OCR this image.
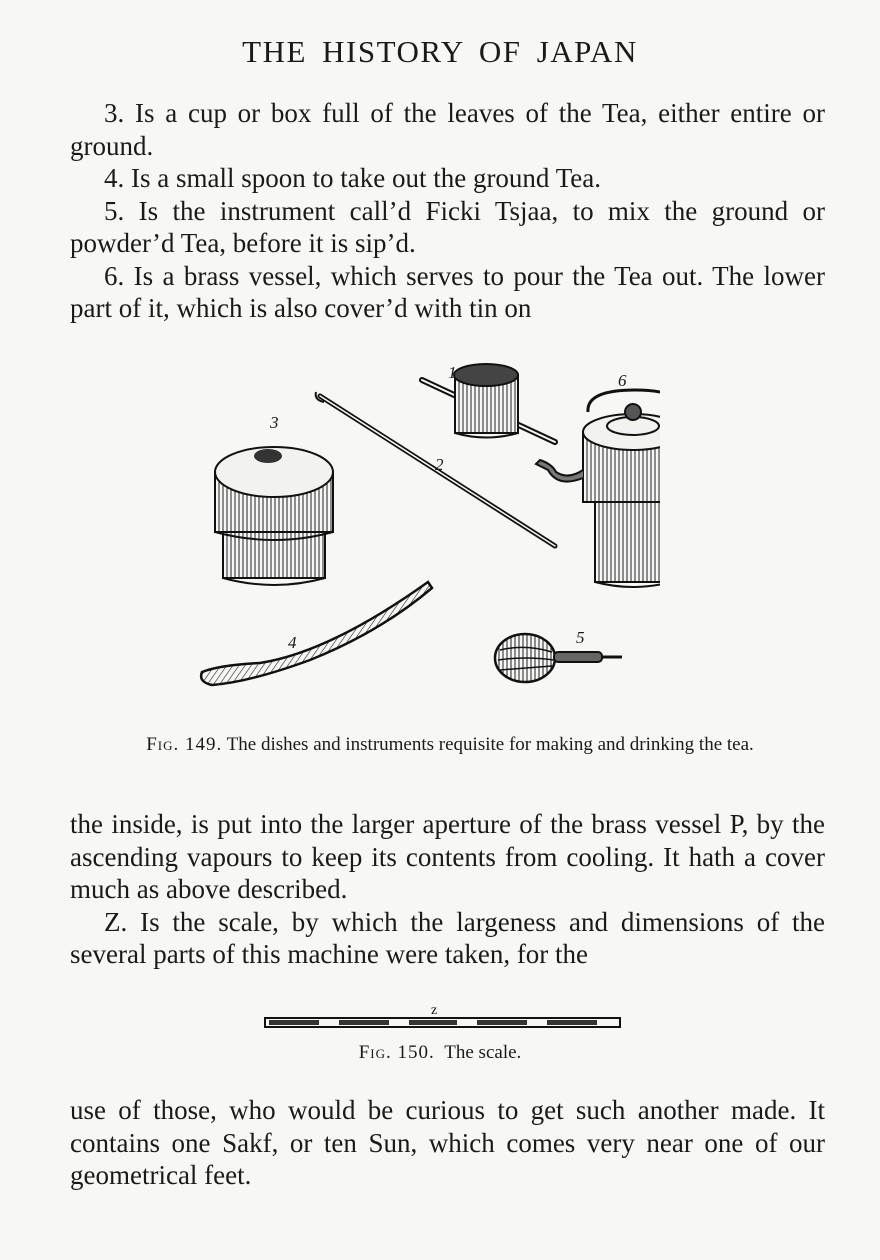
THE HISTORY OF JAPAN

3. Is a cup or box full of the leaves of the Tea, either entire or ground.

4. Is a small spoon to take out the ground Tea.

5. Is the instrument call’d Ficki Tsjaa, to mix the ground or powder’d Tea, before it is sip’d.

6. Is a brass vessel, which serves to pour the Tea out. The lower part of it, which is also cover’d with tin on

3
2
1	6
4	5
Fig. 149. The dishes and instruments requisite for making and drinking the tea.

the inside, is put into the larger aperture of the brass vessel P, by the ascending vapours to keep its contents from cooling. It hath a cover much as above described.

Z. Is the scale, by which the largeness and dimensions of the several parts of this machine were taken, for the

z
Fig. 150. The scale.

use of those, who would be curious to get such another made. It contains one Sakf, or ten Sun, which comes very near one of our geometrical feet.
